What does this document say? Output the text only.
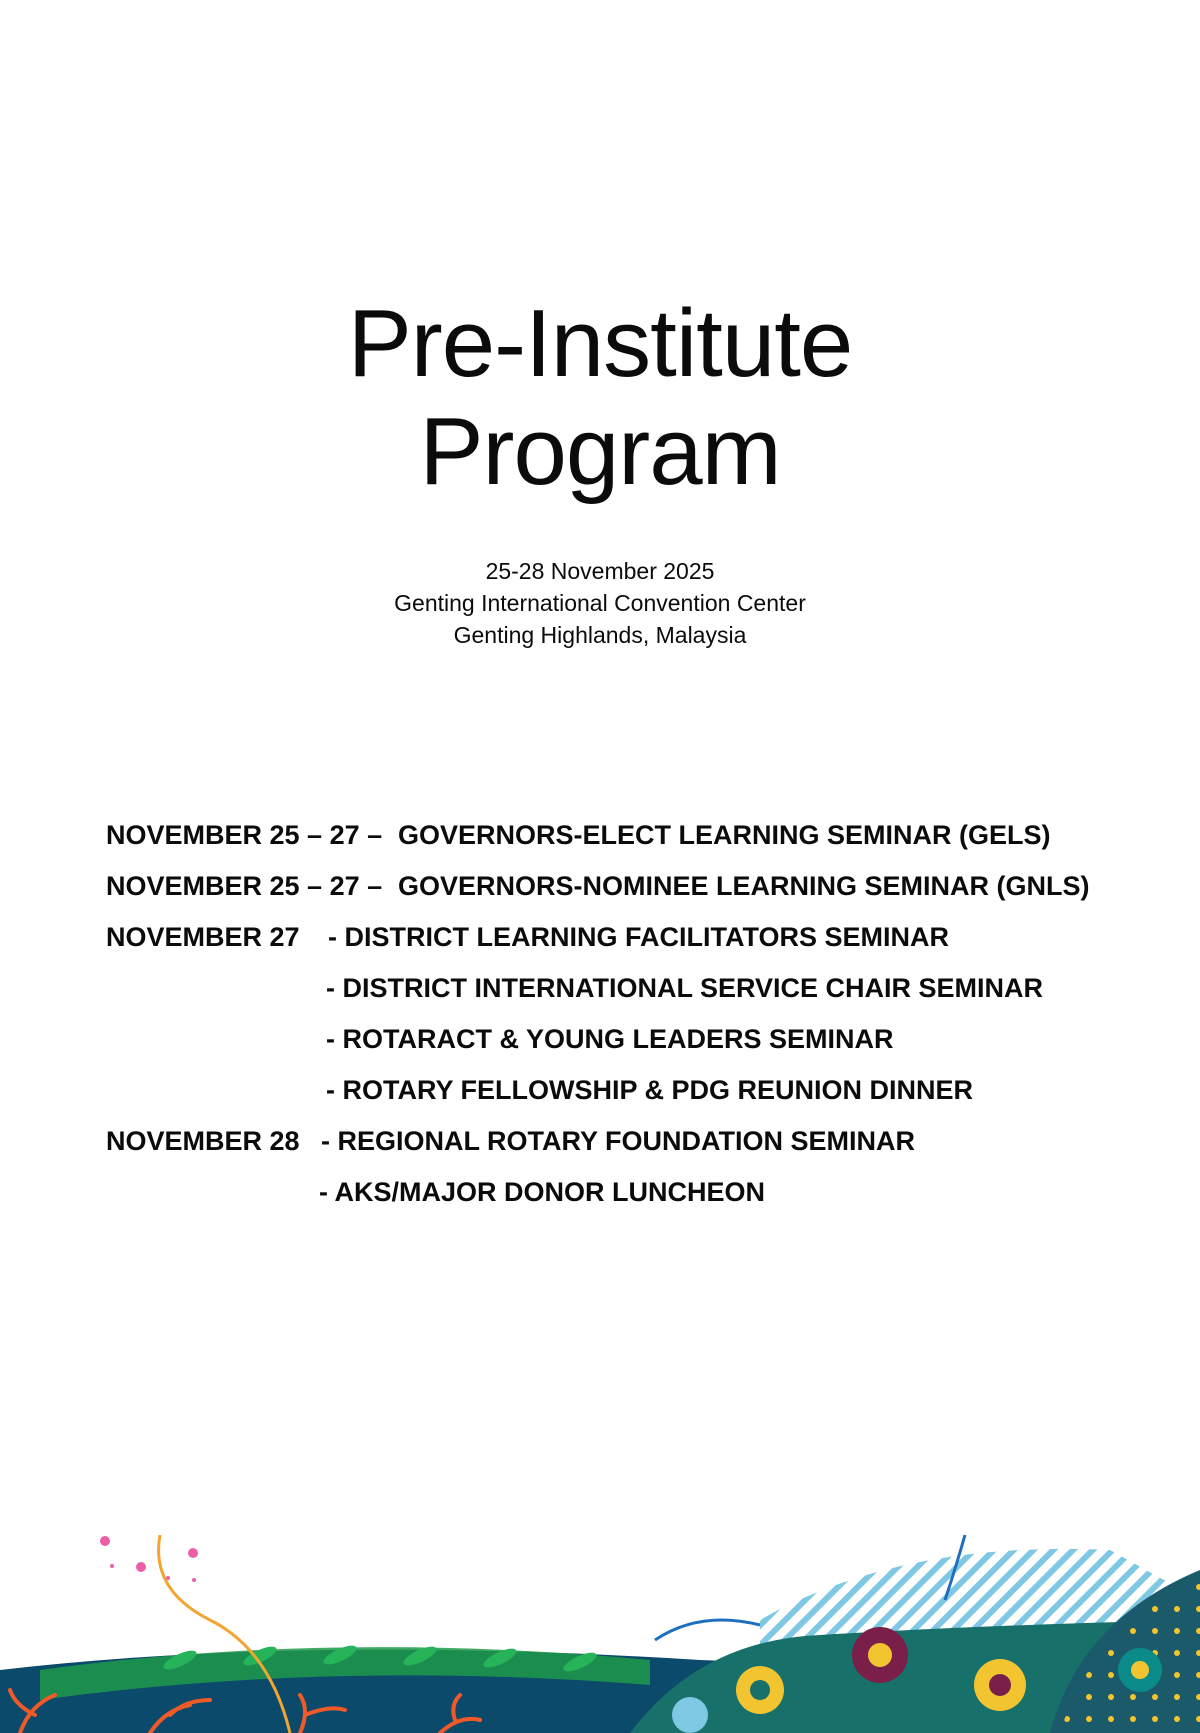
Pre-Institute
Program
25-28 November 2025
Genting International Convention Center
Genting Highlands, Malaysia
NOVEMBER 25 – 27 – GOVERNORS-ELECT LEARNING SEMINAR (GELS)
NOVEMBER 25 – 27 – GOVERNORS-NOMINEE LEARNING SEMINAR (GNLS)
NOVEMBER 27 - DISTRICT LEARNING FACILITATORS SEMINAR
- DISTRICT INTERNATIONAL SERVICE CHAIR SEMINAR
- ROTARACT & YOUNG LEADERS SEMINAR
- ROTARY FELLOWSHIP & PDG REUNION DINNER
NOVEMBER 28 - REGIONAL ROTARY FOUNDATION SEMINAR
- AKS/MAJOR DONOR LUNCHEON
